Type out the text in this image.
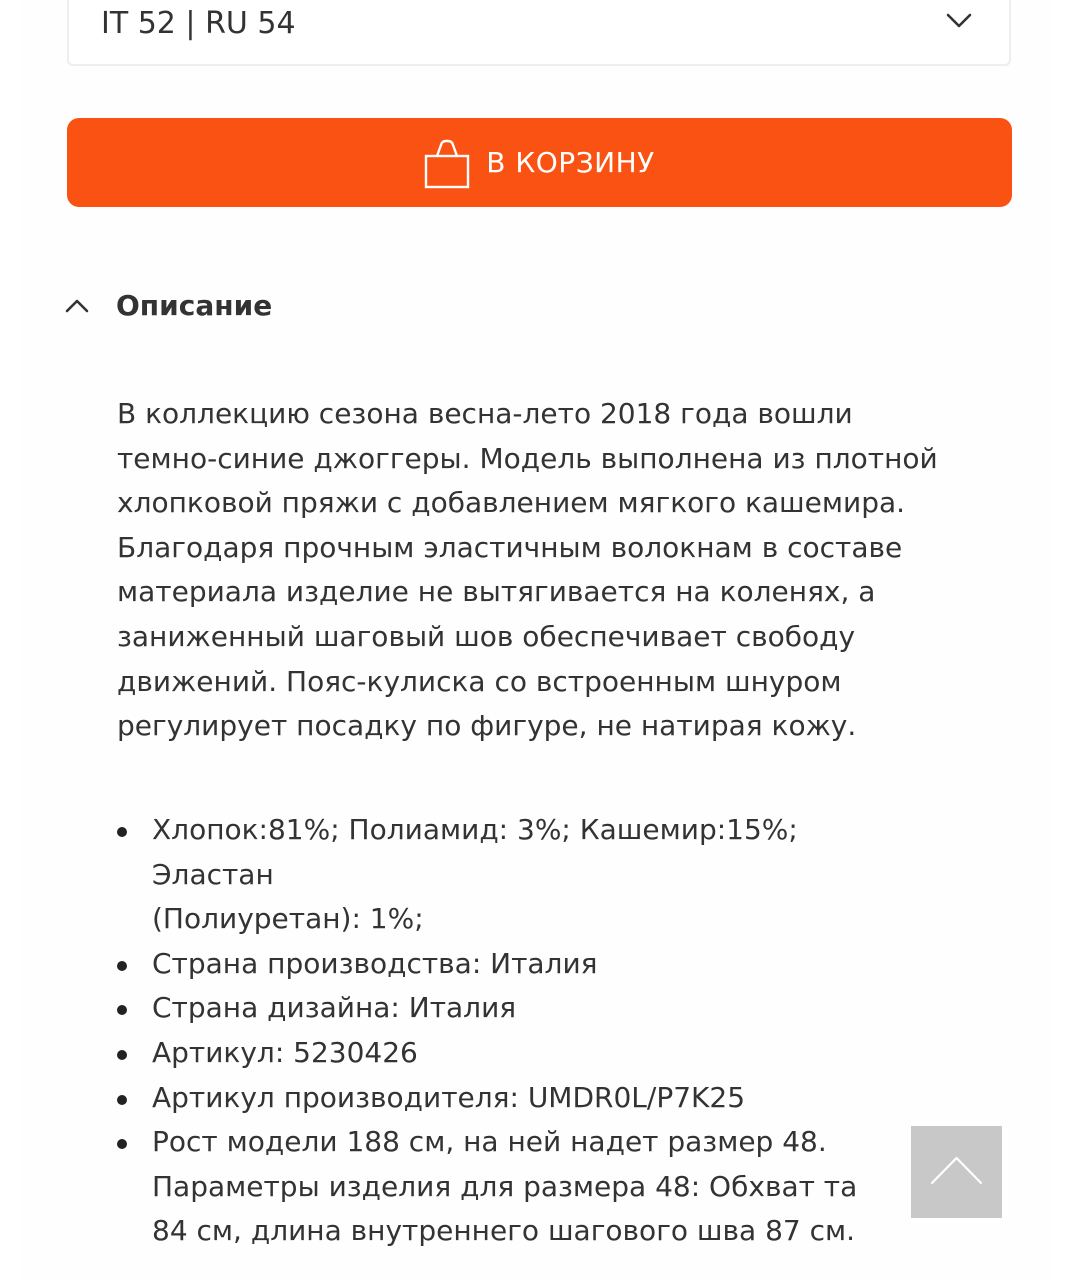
IT 52 | RU 54
В КОРЗИНУ
Описание

В коллекцию сезона весна-лето 2018 года вошли
темно-синие джоггеры. Модель выполнена из плотной
хлопковой пряжи с добавлением мягкого кашемира.
Благодаря прочным эластичным волокнам в составе
материала изделие не вытягивается на коленях, а
заниженный шаговый шов обеспечивает свободу
движений. Пояс-кулиска со встроенным шнуром
регулирует посадку по фигуре, не натирая кожу.

Хлопок:81%; Полиамид: 3%; Кашемир:15%; Эластан
(Полиуретан): 1%;
Страна производства: Италия
Страна дизайна: Италия
Артикул: 5230426
Артикул производителя: UMDR0L/P7K25
Рост модели 188 см, на ней надет размер 48.
Параметры изделия для размера 48: Обхват та
84 см, длина внутреннего шагового шва 87 см.
